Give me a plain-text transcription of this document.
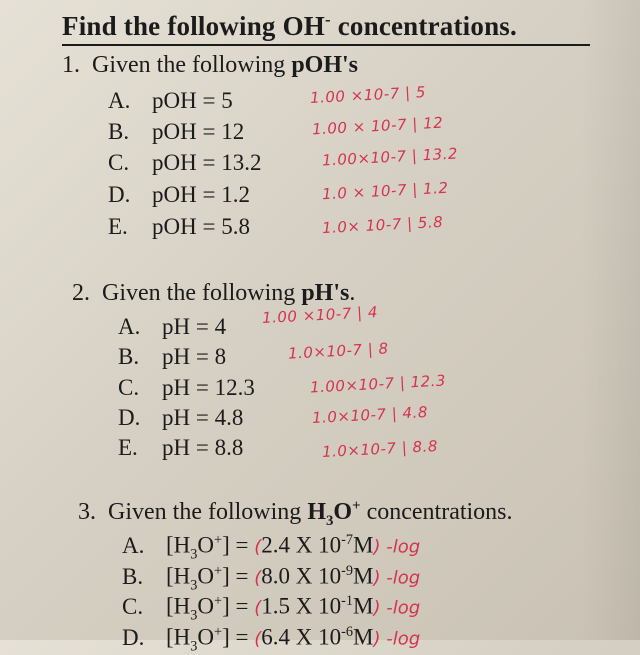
Find the following OH- concentrations.
1. Given the following pOH's
A. pOH = 5	1.00 ×10-7 | 5
B. pOH = 12	1.00 × 10-7 | 12
C. pOH = 13.2	1.00×10-7 | 13.2
D. pOH = 1.2	1.0 × 10-7 | 1.2
E. pOH = 5.8	1.0× 10-7 | 5.8
2. Given the following pH's.
A. pH = 4 1.00 ×10-7 | 4
B. pH = 8	1.0×10-7 | 8
C. pH = 12.3	1.00×10-7 | 12.3
D. pH = 4.8	1.0×10-7 | 4.8
E. pH = 8.8	1.0×10-7 | 8.8
3. Given the following $H_3O^+$ concentrations.
A. $[H_3O^+] = (2.4$ X $10^{-7}M$) -log
B. $[H_3O^+] = (8.0$ X $10^{-9}M$) -log
C. $[H_3O^+] = (1.5$ X $10^{-1}M$) -log
D. $[H_3O^+] = (6.4$ X $10^{-6}M$) -log
